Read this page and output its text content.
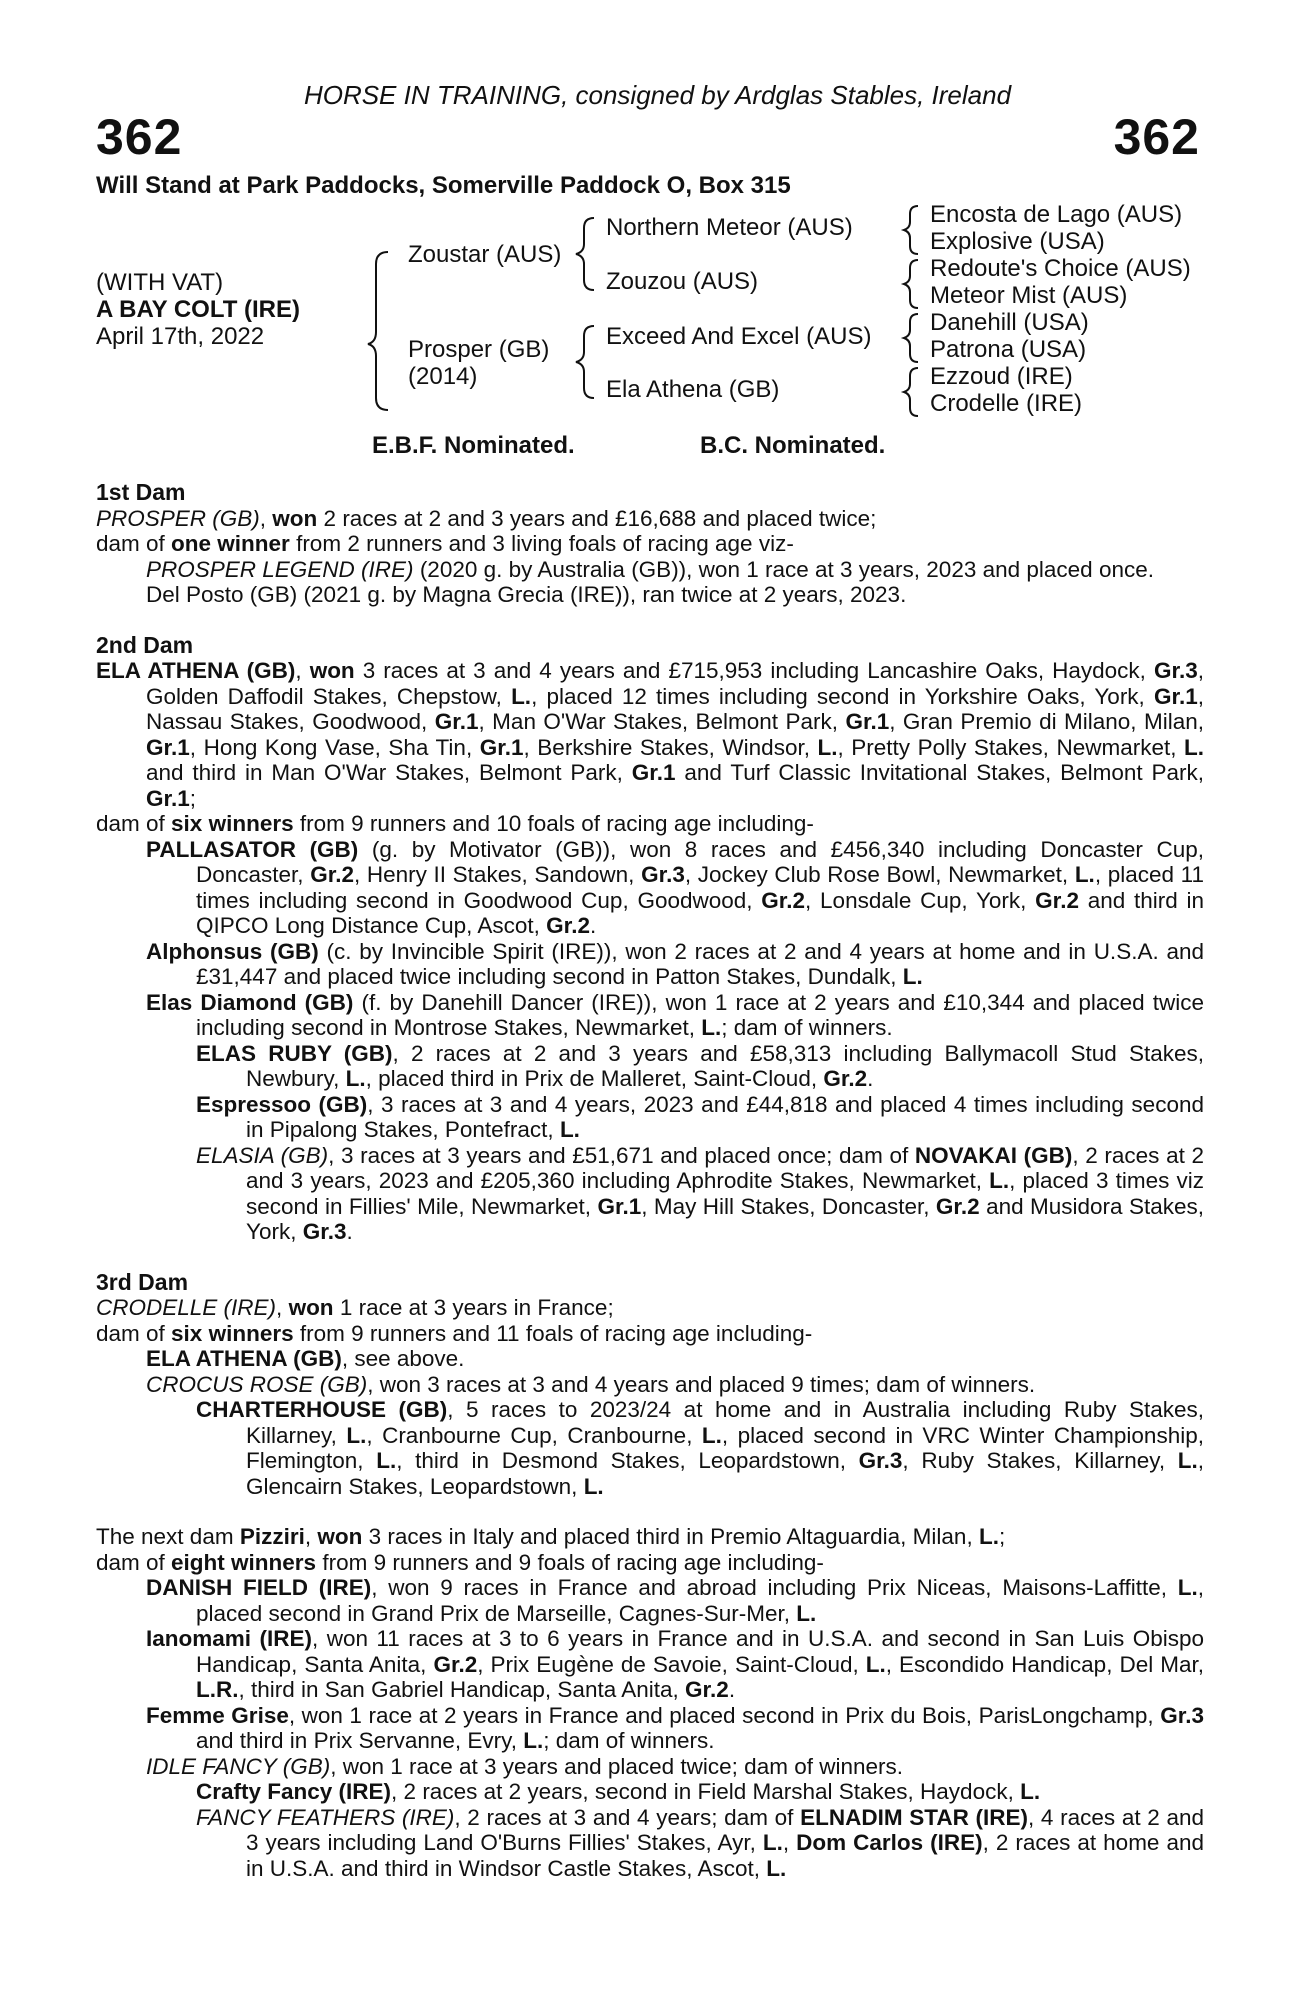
HORSE IN TRAINING, consigned by Ardglas Stables, Ireland
362	362
Will Stand at Park Paddocks, Somerville Paddock O, Box 315
(WITH VAT)
A BAY COLT (IRE)
April 17th, 2022
Zoustar (AUS)
Prosper (GB)
(2014)
Northern Meteor (AUS)
Zouzou (AUS)
Exceed And Excel (AUS)
Ela Athena (GB)
Encosta de Lago (AUS)
Explosive (USA)
Redoute's Choice (AUS)
Meteor Mist (AUS)
Danehill (USA)
Patrona (USA)
Ezzoud (IRE)
Crodelle (IRE)
E.B.F. Nominated.	B.C. Nominated.
1st Dam
PROSPER (GB), won 2 races at 2 and 3 years and £16,688 and placed twice;
dam of one winner from 2 runners and 3 living foals of racing age viz-
PROSPER LEGEND (IRE) (2020 g. by Australia (GB)), won 1 race at 3 years, 2023 and placed once.
Del Posto (GB) (2021 g. by Magna Grecia (IRE)), ran twice at 2 years, 2023.
2nd Dam
ELA ATHENA (GB), won 3 races at 3 and 4 years and £715,953 including Lancashire Oaks, Haydock, Gr.3, Golden Daffodil Stakes, Chepstow, L., placed 12 times including second in Yorkshire Oaks, York, Gr.1, Nassau Stakes, Goodwood, Gr.1, Man O'War Stakes, Belmont Park, Gr.1, Gran Premio di Milano, Milan, Gr.1, Hong Kong Vase, Sha Tin, Gr.1, Berkshire Stakes, Windsor, L., Pretty Polly Stakes, Newmarket, L. and third in Man O'War Stakes, Belmont Park, Gr.1 and Turf Classic Invitational Stakes, Belmont Park, Gr.1;
dam of six winners from 9 runners and 10 foals of racing age including-
PALLASATOR (GB) (g. by Motivator (GB)), won 8 races and £456,340 including Doncaster Cup, Doncaster, Gr.2, Henry II Stakes, Sandown, Gr.3, Jockey Club Rose Bowl, Newmarket, L., placed 11 times including second in Goodwood Cup, Goodwood, Gr.2, Lonsdale Cup, York, Gr.2 and third in QIPCO Long Distance Cup, Ascot, Gr.2.
Alphonsus (GB) (c. by Invincible Spirit (IRE)), won 2 races at 2 and 4 years at home and in U.S.A. and £31,447 and placed twice including second in Patton Stakes, Dundalk, L.
Elas Diamond (GB) (f. by Danehill Dancer (IRE)), won 1 race at 2 years and £10,344 and placed twice including second in Montrose Stakes, Newmarket, L.; dam of winners.
ELAS RUBY (GB), 2 races at 2 and 3 years and £58,313 including Ballymacoll Stud Stakes, Newbury, L., placed third in Prix de Malleret, Saint-Cloud, Gr.2.
Espressoo (GB), 3 races at 3 and 4 years, 2023 and £44,818 and placed 4 times including second in Pipalong Stakes, Pontefract, L.
ELASIA (GB), 3 races at 3 years and £51,671 and placed once; dam of NOVAKAI (GB), 2 races at 2 and 3 years, 2023 and £205,360 including Aphrodite Stakes, Newmarket, L., placed 3 times viz second in Fillies' Mile, Newmarket, Gr.1, May Hill Stakes, Doncaster, Gr.2 and Musidora Stakes, York, Gr.3.
3rd Dam
CRODELLE (IRE), won 1 race at 3 years in France;
dam of six winners from 9 runners and 11 foals of racing age including-
ELA ATHENA (GB), see above.
CROCUS ROSE (GB), won 3 races at 3 and 4 years and placed 9 times; dam of winners.
CHARTERHOUSE (GB), 5 races to 2023/24 at home and in Australia including Ruby Stakes, Killarney, L., Cranbourne Cup, Cranbourne, L., placed second in VRC Winter Championship, Flemington, L., third in Desmond Stakes, Leopardstown, Gr.3, Ruby Stakes, Killarney, L., Glencairn Stakes, Leopardstown, L.
The next dam Pizziri, won 3 races in Italy and placed third in Premio Altaguardia, Milan, L.;
dam of eight winners from 9 runners and 9 foals of racing age including-
DANISH FIELD (IRE), won 9 races in France and abroad including Prix Niceas, Maisons-Laffitte, L., placed second in Grand Prix de Marseille, Cagnes-Sur-Mer, L.
Ianomami (IRE), won 11 races at 3 to 6 years in France and in U.S.A. and second in San Luis Obispo Handicap, Santa Anita, Gr.2, Prix Eugène de Savoie, Saint-Cloud, L., Escondido Handicap, Del Mar, L.R., third in San Gabriel Handicap, Santa Anita, Gr.2.
Femme Grise, won 1 race at 2 years in France and placed second in Prix du Bois, ParisLongchamp, Gr.3 and third in Prix Servanne, Evry, L.; dam of winners.
IDLE FANCY (GB), won 1 race at 3 years and placed twice; dam of winners.
Crafty Fancy (IRE), 2 races at 2 years, second in Field Marshal Stakes, Haydock, L.
FANCY FEATHERS (IRE), 2 races at 3 and 4 years; dam of ELNADIM STAR (IRE), 4 races at 2 and 3 years including Land O'Burns Fillies' Stakes, Ayr, L., Dom Carlos (IRE), 2 races at home and in U.S.A. and third in Windsor Castle Stakes, Ascot, L.
